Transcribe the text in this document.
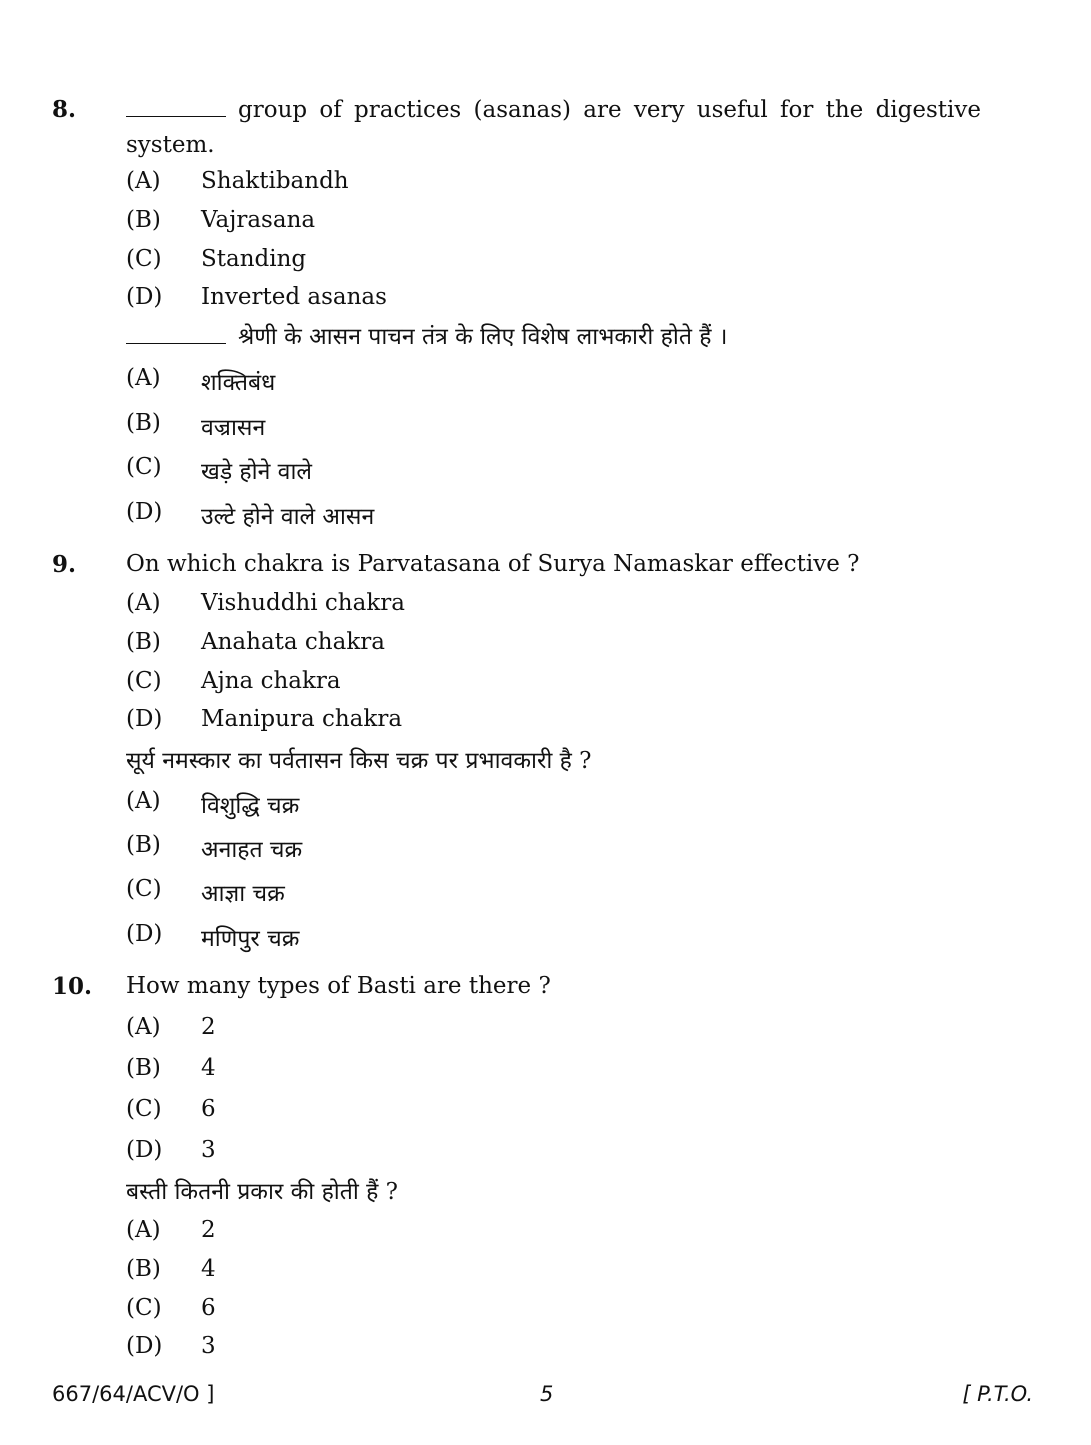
8.	group of practices (asanas) are very useful for the digestive
system.
(A) Shaktibandh
(B) Vajrasana
(C) Standing
(D) Inverted asanas
श्रेणी के आसन पाचन तंत्र के लिए विशेष लाभकारी होते हैं ।
(A) शक्तिबंध
(B) वज्रासन
(C) खड़े होने वाले
(D) उल्टे होने वाले आसन
9. On which chakra is Parvatasana of Surya Namaskar effective ?
(A) Vishuddhi chakra
(B) Anahata chakra
(C) Ajna chakra
(D) Manipura chakra
सूर्य नमस्कार का पर्वतासन किस चक्र पर प्रभावकारी है ?
(A) विशुद्धि चक्र
(B) अनाहत चक्र
(C) आज्ञा चक्र
(D) मणिपुर चक्र
10. How many types of Basti are there ?
(A) 2
(B) 4
(C) 6
(D) 3
बस्ती कितनी प्रकार की होती हैं ?
(A) 2
(B) 4
(C) 6
(D) 3
667/64/ACV/O ]	5	[ P.T.O.
